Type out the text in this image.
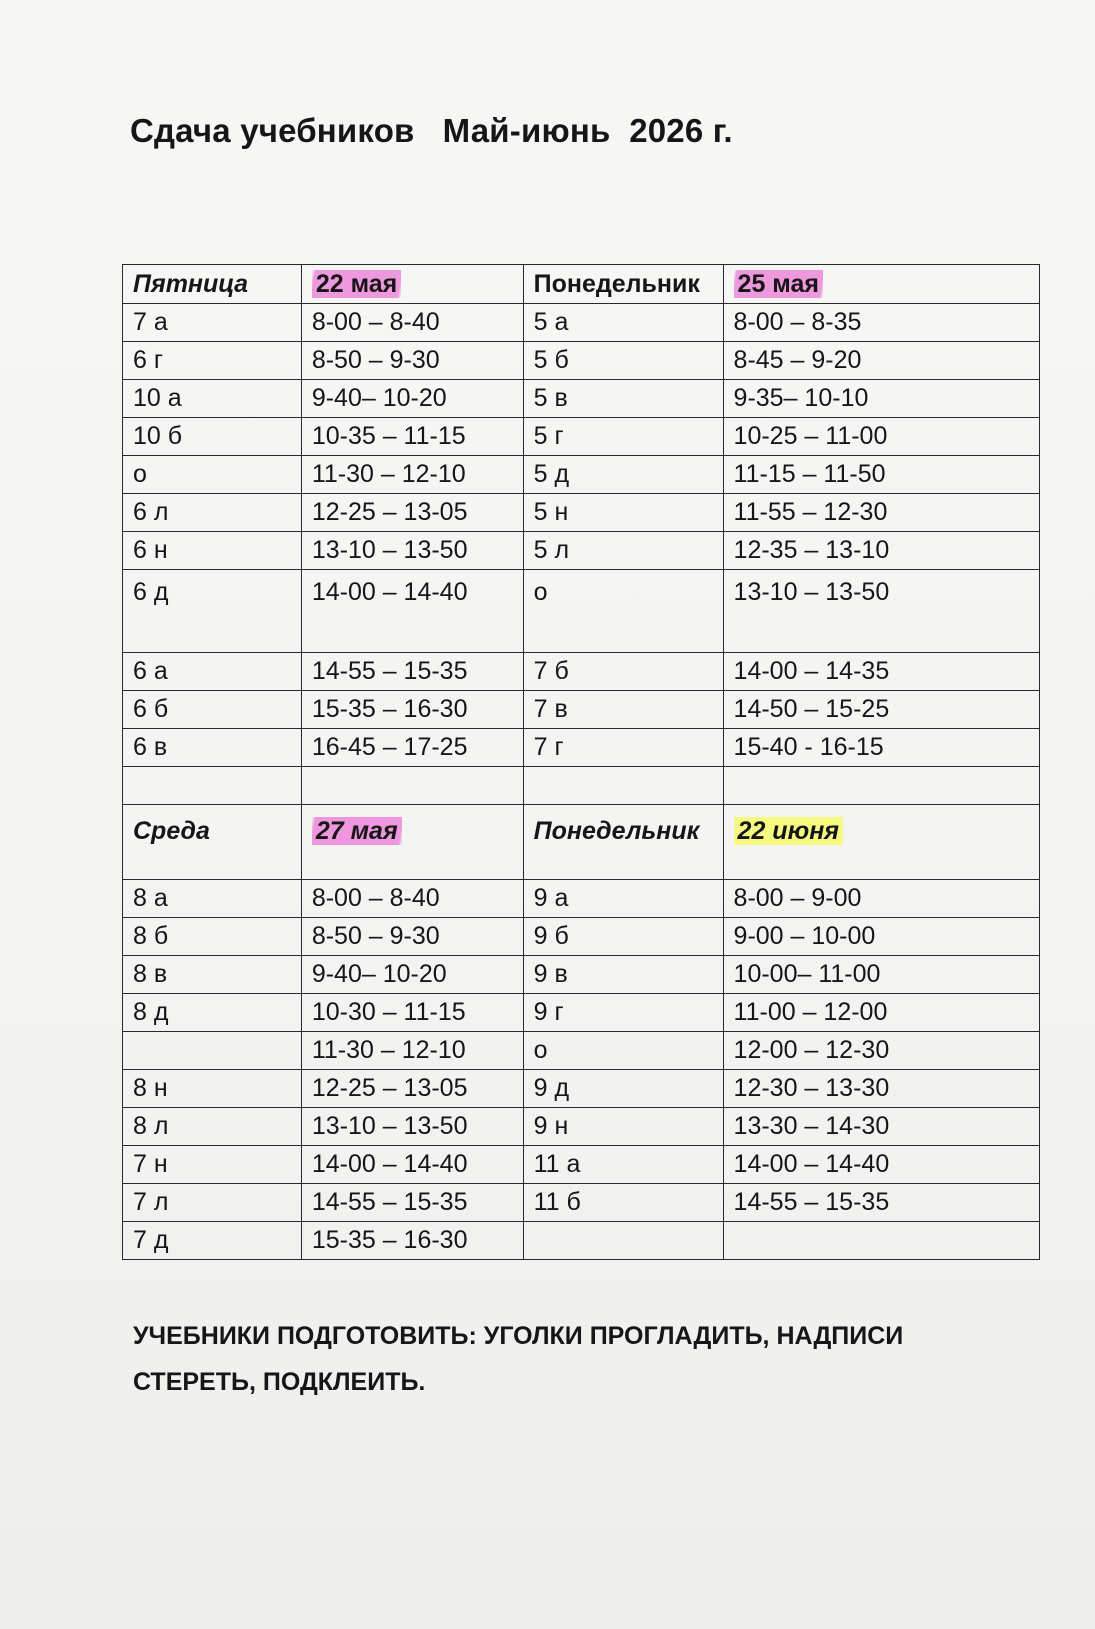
Сдача учебников   Май-июнь  2026 г.
Пятница	22 мая	Понедельник	25 мая
7 а	8-00 – 8-40	5 а	8-00 – 8-35
6 г	8-50 – 9-30	5 б	8-45 – 9-20
10 а	9-40– 10-20	5 в	9-35– 10-10
10 б	10-35 – 11-15	5 г	10-25 – 11-00
о	11-30 – 12-10	5 д	11-15 – 11-50
6 л	12-25 – 13-05	5 н	11-55 – 12-30
6 н	13-10 – 13-50	5 л	12-35 – 13-10
6 д	14-00 – 14-40	о	13-10 – 13-50
6 а	14-55 – 15-35	7 б	14-00 – 14-35
6 б	15-35 – 16-30	7 в	14-50 – 15-25
6 в	16-45 – 17-25	7 г	15-40 - 16-15

Среда	27 мая	Понедельник	22 июня
8 а	8-00 – 8-40	9 а	8-00 – 9-00
8 б	8-50 – 9-30	9 б	9-00 – 10-00
8 в	9-40– 10-20	9 в	10-00– 11-00
8 д	10-30 – 11-15	9 г	11-00 – 12-00
	11-30 – 12-10	о	12-00 – 12-30
8 н	12-25 – 13-05	9 д	12-30 – 13-30
8 л	13-10 – 13-50	9 н	13-30 – 14-30
7 н	14-00 – 14-40	11 а	14-00 – 14-40
7 л	14-55 – 15-35	11 б	14-55 – 15-35
7 д	15-35 – 16-30		
УЧЕБНИКИ ПОДГОТОВИТЬ: УГОЛКИ ПРОГЛАДИТЬ, НАДПИСИ СТЕРЕТЬ, ПОДКЛЕИТЬ.
